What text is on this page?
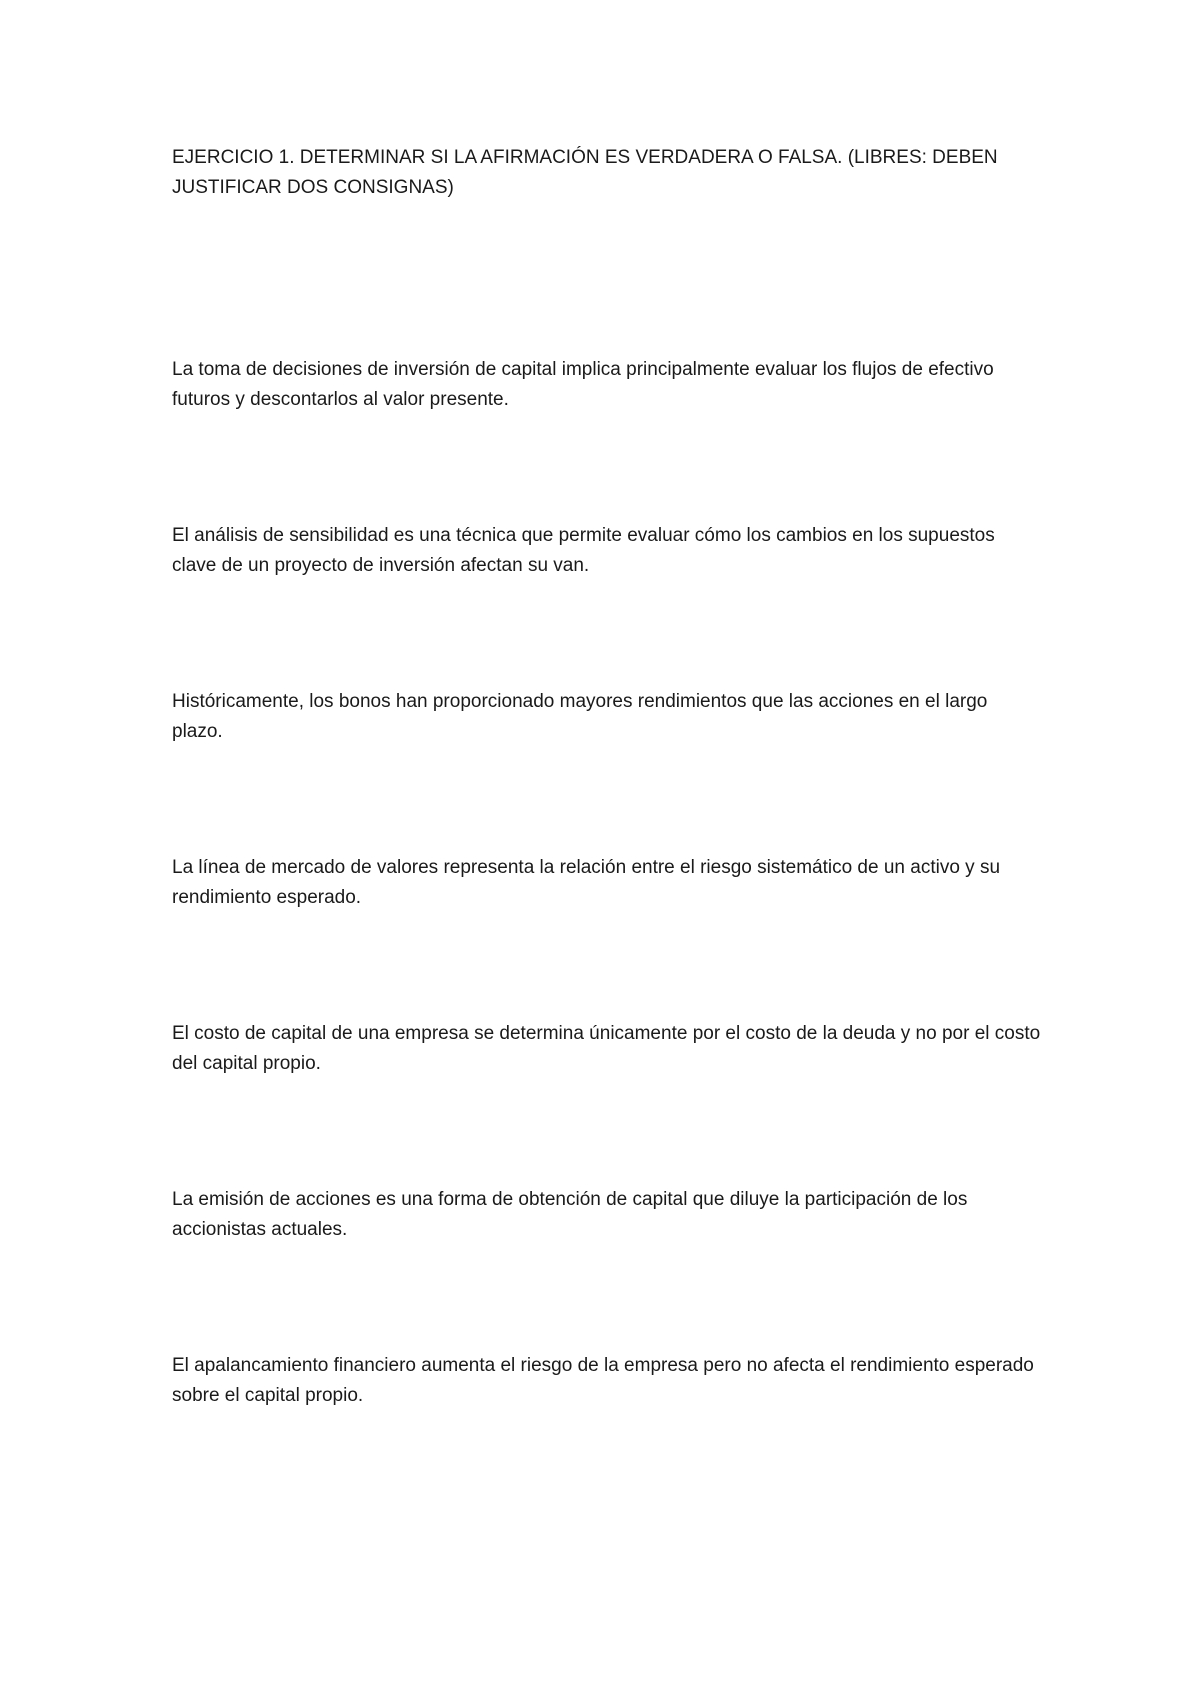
EJERCICIO 1. DETERMINAR SI LA AFIRMACIÓN ES VERDADERA O FALSA. (LIBRES: DEBEN JUSTIFICAR DOS CONSIGNAS)

La toma de decisiones de inversión de capital implica principalmente evaluar los flujos de efectivo futuros y descontarlos al valor presente.

El análisis de sensibilidad es una técnica que permite evaluar cómo los cambios en los supuestos clave de un proyecto de inversión afectan su van.

Históricamente, los bonos han proporcionado mayores rendimientos que las acciones en el largo plazo.

La línea de mercado de valores representa la relación entre el riesgo sistemático de un activo y su rendimiento esperado.

El costo de capital de una empresa se determina únicamente por el costo de la deuda y no por el costo del capital propio.

La emisión de acciones es una forma de obtención de capital que diluye la participación de los accionistas actuales.

El apalancamiento financiero aumenta el riesgo de la empresa pero no afecta el rendimiento esperado sobre el capital propio.
